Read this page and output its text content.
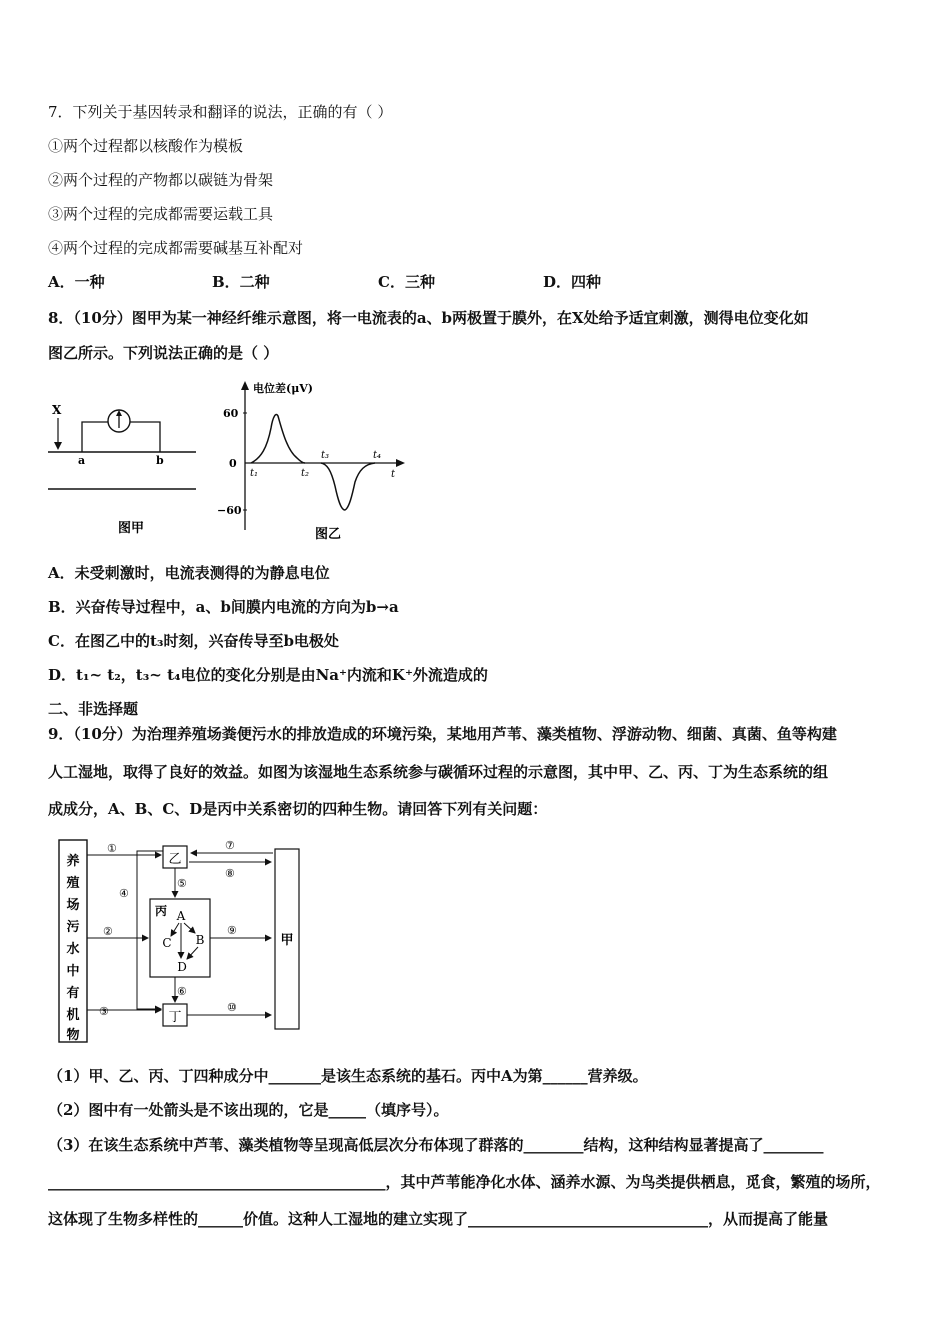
7．下列关于基因转录和翻译的说法，正确的有（ ）
①两个过程都以核酸作为模板
②两个过程的产物都以碳链为骨架
③两个过程的完成都需要运载工具
④两个过程的完成都需要碱基互补配对
A．一种	B．二种	C．三种	D．四种
8．（10分）图甲为某一神经纤维示意图，将一电流表的a、b两极置于膜外，在X处给予适宜刺激，测得电位变化如
图乙所示。下列说法正确的是（ ）
X
a	b
图甲
电位差(μV)
60
0
−60
t₁	t₂
t₃	t₄
t
图乙
A．未受刺激时，电流表测得的为静息电位
B．兴奋传导过程中，a、b间膜内电流的方向为b→a
C．在图乙中的t₃时刻，兴奋传导至b电极处
D．t₁~ t₂，t₃~ t₄电位的变化分别是由Na⁺内流和K⁺外流造成的
二、非选择题
9．（10分）为治理养殖场粪便污水的排放造成的环境污染，某地用芦苇、藻类植物、浮游动物、细菌、真菌、鱼等构建
人工湿地，取得了良好的效益。如图为该湿地生态系统参与碳循环过程的示意图，其中甲、乙、丙、丁为生态系统的组
成成分，A、B、C、D是丙中关系密切的四种生物。请回答下列有关问题：
养
殖
场
污
水
中
有
机
物
乙
丙 A
C B
D
丁
甲
①
②
③
④
⑤
⑥
⑦
⑧
⑨
⑩
（1）甲、乙、丙、丁四种成分中_______是该生态系统的基石。丙中A为第______营养级。
（2）图中有一处箭头是不该出现的，它是_____（填序号）。
（3）在该生态系统中芦苇、藻类植物等呈现高低层次分布体现了群落的________结构，这种结构显著提高了________
_____________________________________________，其中芦苇能净化水体、涵养水源、为鸟类提供栖息，觅食，繁殖的场所，
这体现了生物多样性的______价值。这种人工湿地的建立实现了________________________________，从而提高了能量
